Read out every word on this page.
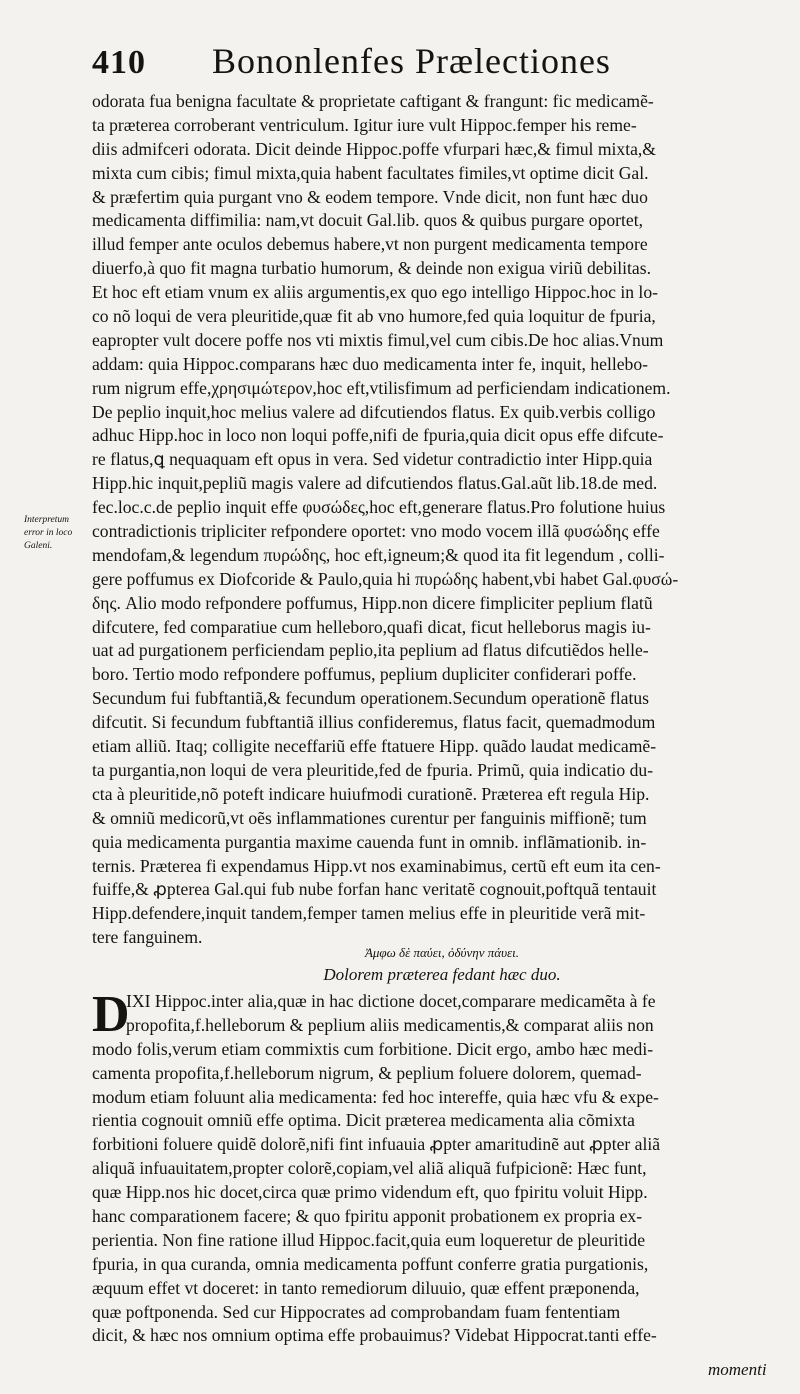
410	Bononlenfes Prælectiones
Interpretum
error in loco
Galeni.
odorata fua benigna facultate & proprietate caftigant & frangunt: fic medicamẽ-
ta præterea corroberant ventriculum. Igitur iure vult Hippoc.femper his reme-
diis admifceri odorata. Dicit deinde Hippoc.poffe vfurpari hæc,& fimul mixta,&
mixta cum cibis; fimul mixta,quia habent facultates fimiles,vt optime dicit Gal.
& præfertim quia purgant vno & eodem tempore. Vnde dicit, non funt hæc duo
medicamenta diffimilia: nam,vt docuit Gal.lib. quos & quibus purgare oportet,
illud femper ante oculos debemus habere,vt non purgent medicamenta tempore
diuerfo,à quo fit magna turbatio humorum, & deinde non exigua viriũ debilitas.
Et hoc eft etiam vnum ex aliis argumentis,ex quo ego intelligo Hippoc.hoc in lo-
co nõ loqui de vera pleuritide,quæ fit ab vno humore,fed quia loquitur de fpuria,
eapropter vult docere poffe nos vti mixtis fimul,vel cum cibis.De hoc alias.Vnum
addam: quia Hippoc.comparans hæc duo medicamenta inter fe, inquit, hellebo-
rum nigrum effe,χρησιμώτερον,hoc eft,vtilisfimum ad perficiendam indicationem.
De peplio inquit,hoc melius valere ad difcutiendos flatus. Ex quib.verbis colligo
adhuc Hipp.hoc in loco non loqui poffe,nifi de fpuria,quia dicit opus effe difcute-
re flatus,ꝗ nequaquam eft opus in vera. Sed videtur contradictio inter Hipp.quia
Hipp.hic inquit,pepliũ magis valere ad difcutiendos flatus.Gal.aũt lib.18.de med.
fec.loc.c.de peplio inquit effe φυσώδες,hoc eft,generare flatus.Pro folutione huius
contradictionis tripliciter refpondere oportet: vno modo vocem illã φυσώδης effe
mendofam,& legendum πυρώδης, hoc eft,igneum;& quod ita fit legendum , colli-
gere poffumus ex Diofcoride & Paulo,quia hi πυρώδης habent,vbi habet Gal.φυσώ-
δης. Alio modo refpondere poffumus, Hipp.non dicere fimpliciter peplium flatũ
difcutere, fed comparatiue cum helleboro,quafi dicat, ficut helleborus magis iu-
uat ad purgationem perficiendam peplio,ita peplium ad flatus difcutiẽdos helle-
boro. Tertio modo refpondere poffumus, peplium dupliciter confiderari poffe.
Secundum fui fubftantiã,& fecundum operationem.Secundum operationẽ flatus
difcutit. Si fecundum fubftantiã illius confideremus, flatus facit, quemadmodum
etiam alliũ. Itaq; colligite neceffariũ effe ftatuere Hipp. quãdo laudat medicamẽ-
ta purgantia,non loqui de vera pleuritide,fed de fpuria. Primũ, quia indicatio du-
cta à pleuritide,nõ poteft indicare huiufmodi curationẽ. Præterea eft regula Hip.
& omniũ medicorũ,vt oẽs inflammationes curentur per fanguinis miffionẽ; tum
quia medicamenta purgantia maxime cauenda funt in omnib. inflãmationib. in-
ternis. Præterea fi expendamus Hipp.vt nos examinabimus, certũ eft eum ita cen-
fuiffe,& ꝓpterea Gal.qui fub nube forfan hanc veritatẽ cognouit,poftquã tentauit
Hipp.defendere,inquit tandem,femper tamen melius effe in pleuritide verã mit-
tere fanguinem.
Ἀμφω δὲ παύει, ὀδύνην πάυει.
Dolorem præterea fedant hæc duo.
D
IXI Hippoc.inter alia,quæ in hac dictione docet,comparare medicamẽta à fe
propofita,f.helleborum & peplium aliis medicamentis,& comparat aliis non
modo folis,verum etiam commixtis cum forbitione. Dicit ergo, ambo hæc medi-
camenta propofita,f.helleborum nigrum, & peplium foluere dolorem, quemad-
modum etiam foluunt alia medicamenta: fed hoc intereffe, quia hæc vfu & expe-
rientia cognouit omniũ effe optima. Dicit præterea medicamenta alia cõmixta
forbitioni foluere quidẽ dolorẽ,nifi fint infuauia ꝓpter amaritudinẽ aut ꝓpter aliã
aliquã infuauitatem,propter colorẽ,copiam,vel aliã aliquã fufpicionẽ: Hæc funt,
quæ Hipp.nos hic docet,circa quæ primo videndum eft, quo fpiritu voluit Hipp.
hanc comparationem facere; & quo fpiritu apponit probationem ex propria ex-
perientia. Non fine ratione illud Hippoc.facit,quia eum loqueretur de pleuritide
fpuria, in qua curanda, omnia medicamenta poffunt conferre gratia purgationis,
æquum effet vt doceret: in tanto remediorum diluuio, quæ effent præponenda,
quæ poftponenda. Sed cur Hippocrates ad comprobandam fuam fententiam
dicit, & hæc nos omnium optima effe probauimus? Videbat Hippocrat.tanti effe-
momenti
